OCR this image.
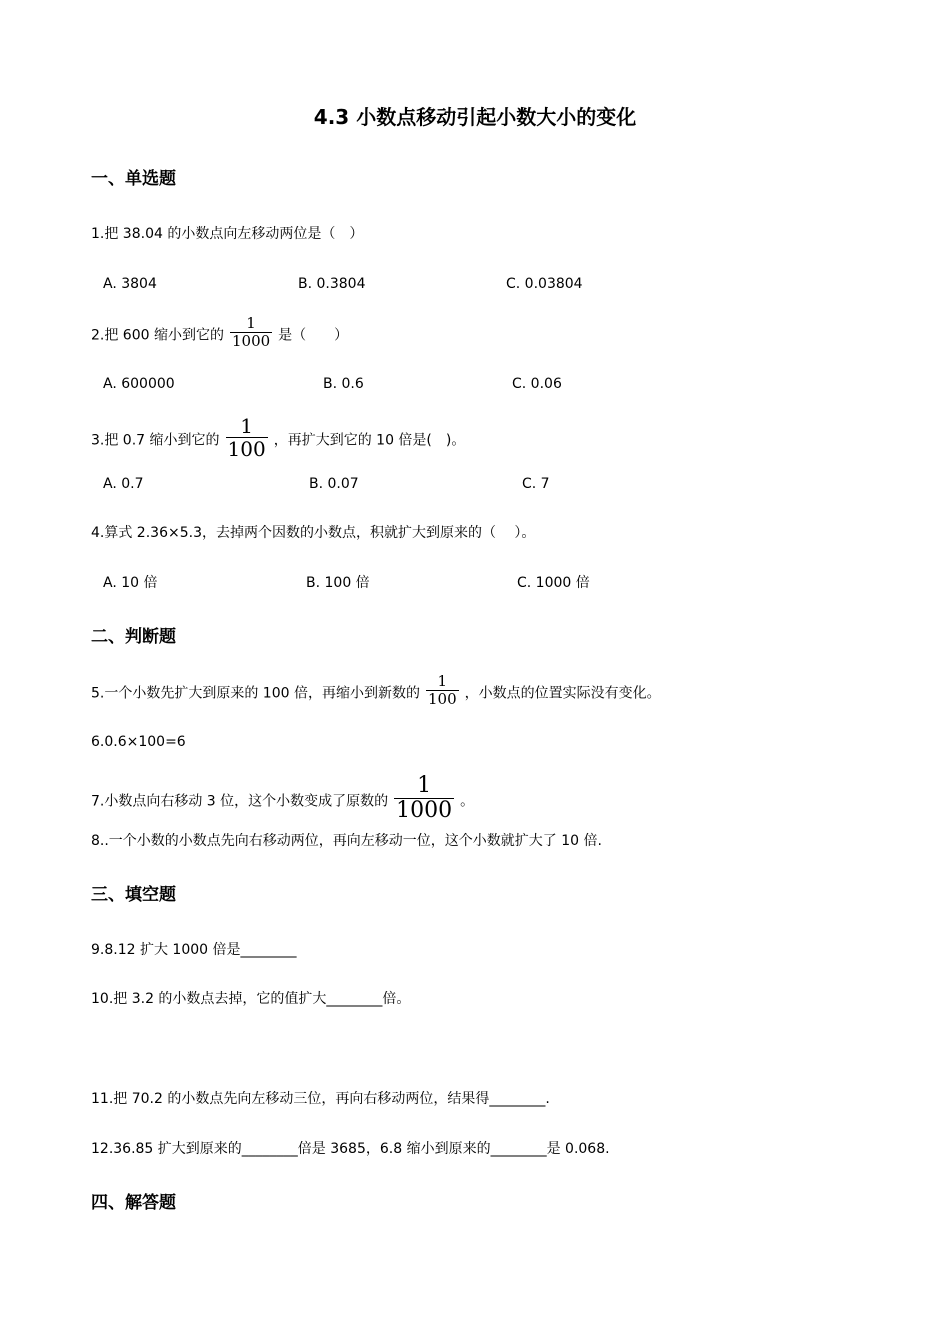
4.3 小数点移动引起小数大小的变化
一、单选题
1.把 38.04 的小数点向左移动两位是（　）
A. 3804	B. 0.3804	C. 0.03804
2.把 600 缩小到它的 $\frac{1}{1000}$ 是（　　）
A. 600000	B. 0.6	C. 0.06
3.把 0.7 缩小到它的 $\frac{1}{100}$ ，再扩大到它的 10 倍是(　)。
A. 0.7	B. 0.07	C. 7
4.算式 2.36×5.3，去掉两个因数的小数点，积就扩大到原来的（　 ）。
A. 10 倍	B. 100 倍	C. 1000 倍
二、判断题
5.一个小数先扩大到原来的 100 倍，再缩小到新数的 $\frac{1}{100}$ ，小数点的位置实际没有变化。
6.0.6×100=6
7.小数点向右移动 3 位，这个小数变成了原数的 $\frac{1}{1000}$ 。
8..一个小数的小数点先向右移动两位，再向左移动一位，这个小数就扩大了 10 倍.
三、填空题
9.8.12 扩大 1000 倍是________
10.把 3.2 的小数点去掉，它的值扩大________倍。
11.把 70.2 的小数点先向左移动三位，再向右移动两位，结果得________.
12.36.85 扩大到原来的________倍是 3685，6.8 缩小到原来的________是 0.068.
四、解答题
